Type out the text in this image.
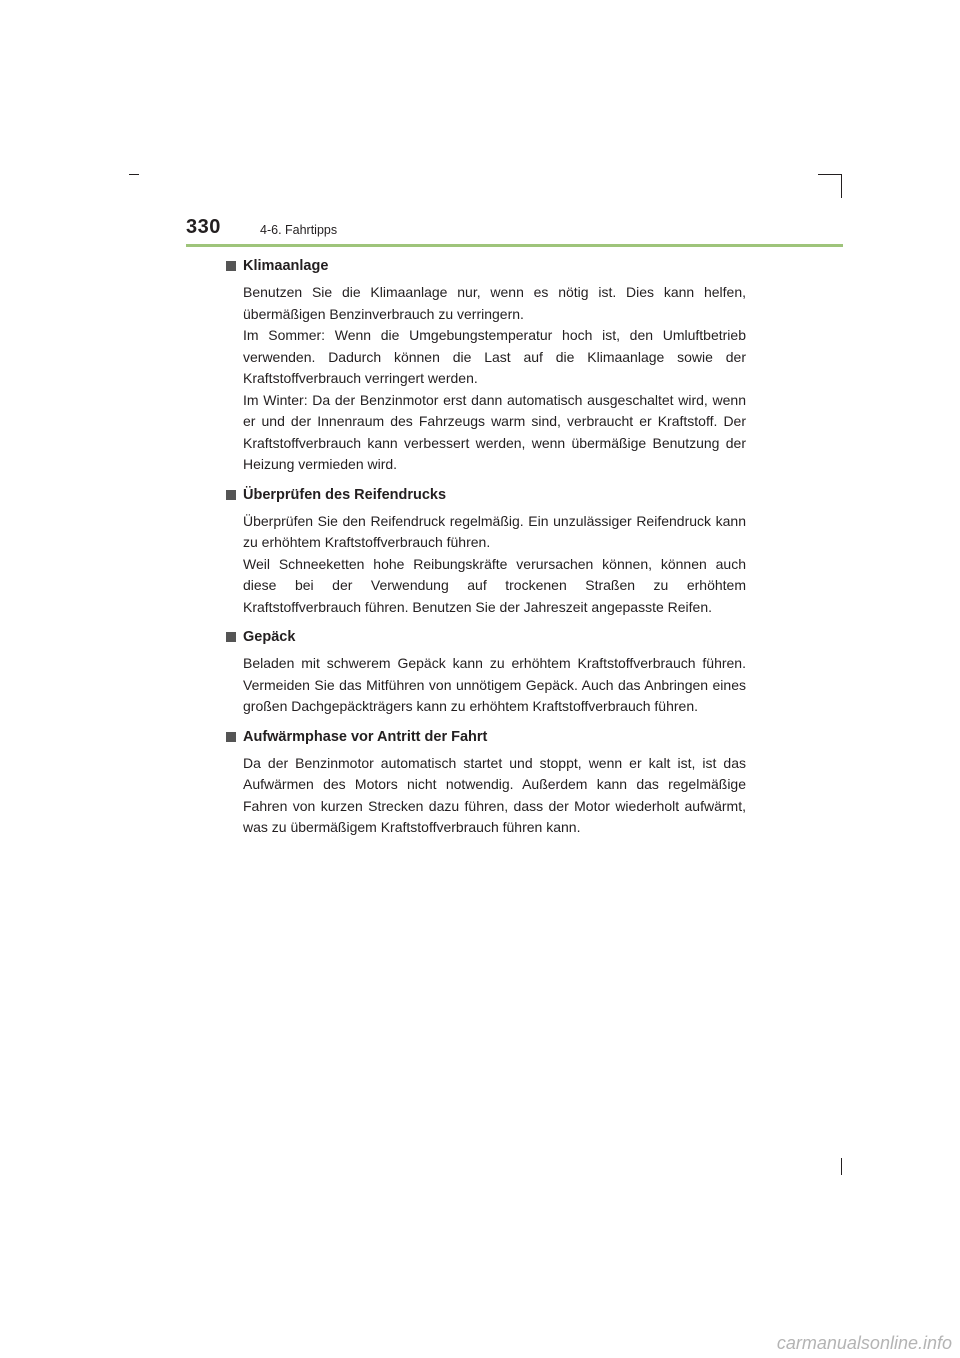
330	4-6. Fahrtipps
Klimaanlage

Benutzen Sie die Klimaanlage nur, wenn es nötig ist. Dies kann helfen, übermäßigen Benzinverbrauch zu verringern.

Im Sommer: Wenn die Umgebungstemperatur hoch ist, den Umluftbetrieb verwenden. Dadurch können die Last auf die Klimaanlage sowie der Kraftstoffverbrauch verringert werden.

Im Winter: Da der Benzinmotor erst dann automatisch ausgeschaltet wird, wenn er und der Innenraum des Fahrzeugs warm sind, verbraucht er Kraftstoff. Der Kraftstoffverbrauch kann verbessert werden, wenn übermäßige Benutzung der Heizung vermieden wird.

Überprüfen des Reifendrucks

Überprüfen Sie den Reifendruck regelmäßig. Ein unzulässiger Reifendruck kann zu erhöhtem Kraftstoffverbrauch führen.

Weil Schneeketten hohe Reibungskräfte verursachen können, können auch diese bei der Verwendung auf trockenen Straßen zu erhöhtem Kraftstoffverbrauch führen. Benutzen Sie der Jahreszeit angepasste Reifen.

Gepäck

Beladen mit schwerem Gepäck kann zu erhöhtem Kraftstoffverbrauch führen. Vermeiden Sie das Mitführen von unnötigem Gepäck. Auch das Anbringen eines großen Dachgepäckträgers kann zu erhöhtem Kraftstoffverbrauch führen.

Aufwärmphase vor Antritt der Fahrt

Da der Benzinmotor automatisch startet und stoppt, wenn er kalt ist, ist das Aufwärmen des Motors nicht notwendig. Außerdem kann das regelmäßige Fahren von kurzen Strecken dazu führen, dass der Motor wiederholt aufwärmt, was zu übermäßigem Kraftstoffverbrauch führen kann.

carmanualsonline.info
